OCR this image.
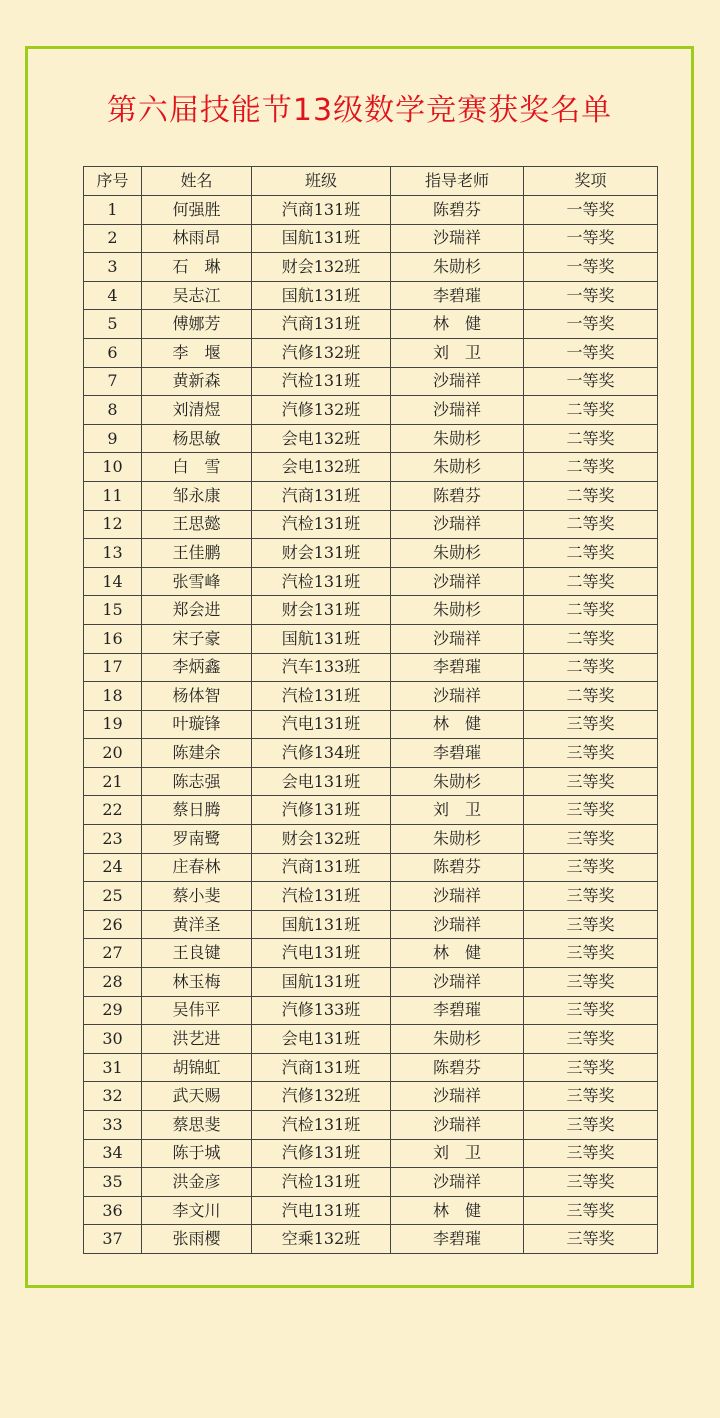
第六届技能节13级数学竞赛获奖名单
序号	姓名	班级	指导老师	奖项
1	何强胜	汽商131班	陈碧芬	一等奖
2	林雨昂	国航131班	沙瑞祥	一等奖
3	石　琳	财会132班	朱勋杉	一等奖
4	吴志江	国航131班	李碧璀	一等奖
5	傅娜芳	汽商131班	林　健	一等奖
6	李　堰	汽修132班	刘　卫	一等奖
7	黄新森	汽检131班	沙瑞祥	一等奖
8	刘清煜	汽修132班	沙瑞祥	二等奖
9	杨思敏	会电132班	朱勋杉	二等奖
10	白　雪	会电132班	朱勋杉	二等奖
11	邹永康	汽商131班	陈碧芬	二等奖
12	王思懿	汽检131班	沙瑞祥	二等奖
13	王佳鹏	财会131班	朱勋杉	二等奖
14	张雪峰	汽检131班	沙瑞祥	二等奖
15	郑会进	财会131班	朱勋杉	二等奖
16	宋子豪	国航131班	沙瑞祥	二等奖
17	李炳鑫	汽车133班	李碧璀	二等奖
18	杨体智	汽检131班	沙瑞祥	二等奖
19	叶璇锋	汽电131班	林　健	三等奖
20	陈建余	汽修134班	李碧璀	三等奖
21	陈志强	会电131班	朱勋杉	三等奖
22	蔡日腾	汽修131班	刘　卫	三等奖
23	罗南鹭	财会132班	朱勋杉	三等奖
24	庄春林	汽商131班	陈碧芬	三等奖
25	蔡小斐	汽检131班	沙瑞祥	三等奖
26	黄洋圣	国航131班	沙瑞祥	三等奖
27	王良键	汽电131班	林　健	三等奖
28	林玉梅	国航131班	沙瑞祥	三等奖
29	吴伟平	汽修133班	李碧璀	三等奖
30	洪艺进	会电131班	朱勋杉	三等奖
31	胡锦虹	汽商131班	陈碧芬	三等奖
32	武天赐	汽修132班	沙瑞祥	三等奖
33	蔡思斐	汽检131班	沙瑞祥	三等奖
34	陈于城	汽修131班	刘　卫	三等奖
35	洪金彦	汽检131班	沙瑞祥	三等奖
36	李文川	汽电131班	林　健	三等奖
37	张雨樱	空乘132班	李碧璀	三等奖
